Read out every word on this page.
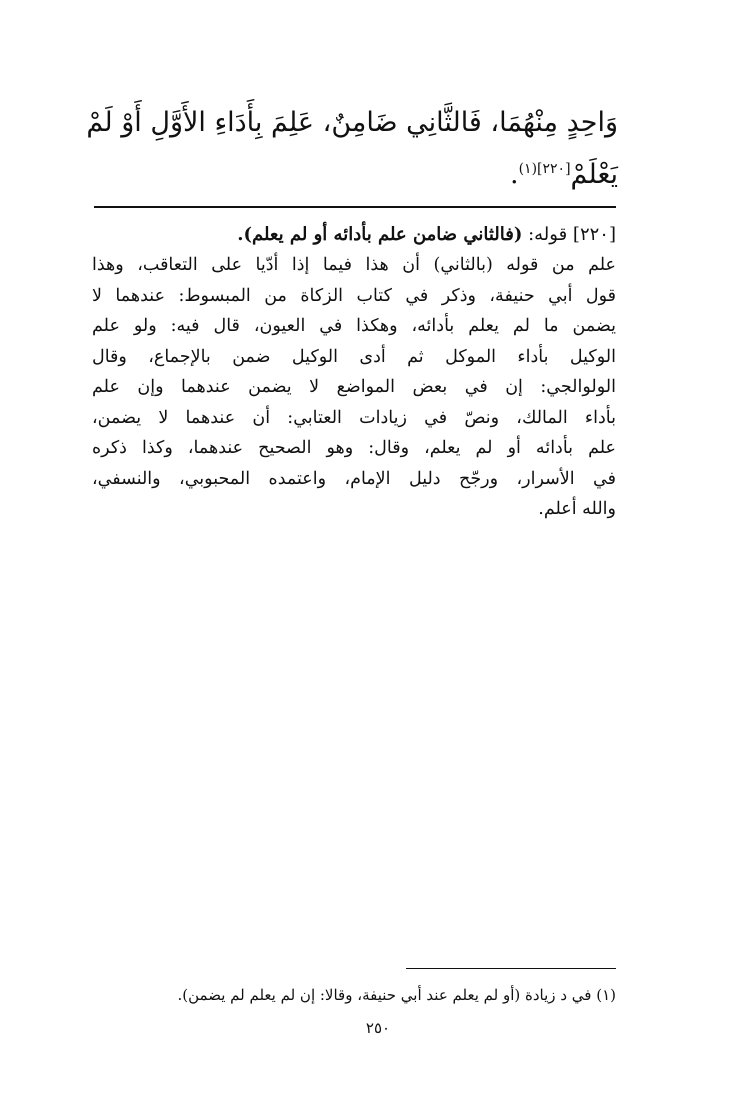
وَاحِدٍ مِنْهُمَا، فَالثَّانِي ضَامِنٌ، عَلِمَ بِأَدَاءِ الأَوَّلِ أَوْ لَمْ
يَعْلَمْ$^{[٢٢٠](١)}$.
[٢٢٠] قوله: (فالثاني ضامن علم بأدائه أو لم يعلم).
علم من قوله (بالثاني) أن هذا فيما إذا أدّيا على التعاقب، وهذا
قول أبي حنيفة، وذكر في كتاب الزكاة من المبسوط: عندهما لا
يضمن ما لم يعلم بأدائه، وهكذا في العيون، قال فيه: ولو علم
الوكيل بأداء الموكل ثم أدى الوكيل ضمن بالإجماع، وقال
الولوالجي: إن في بعض المواضع لا يضمن عندهما وإن علم
بأداء المالك، ونصّ في زيادات العتابي: أن عندهما لا يضمن،
علم بأدائه أو لم يعلم، وقال: وهو الصحيح عندهما، وكذا ذكره
في الأسرار، ورجّح دليل الإمام، واعتمده المحبوبي، والنسفي،
والله أعلم.
(١) في د زيادة (أو لم يعلم عند أبي حنيفة، وقالا: إن لم يعلم لم يضمن).
٢٥٠
